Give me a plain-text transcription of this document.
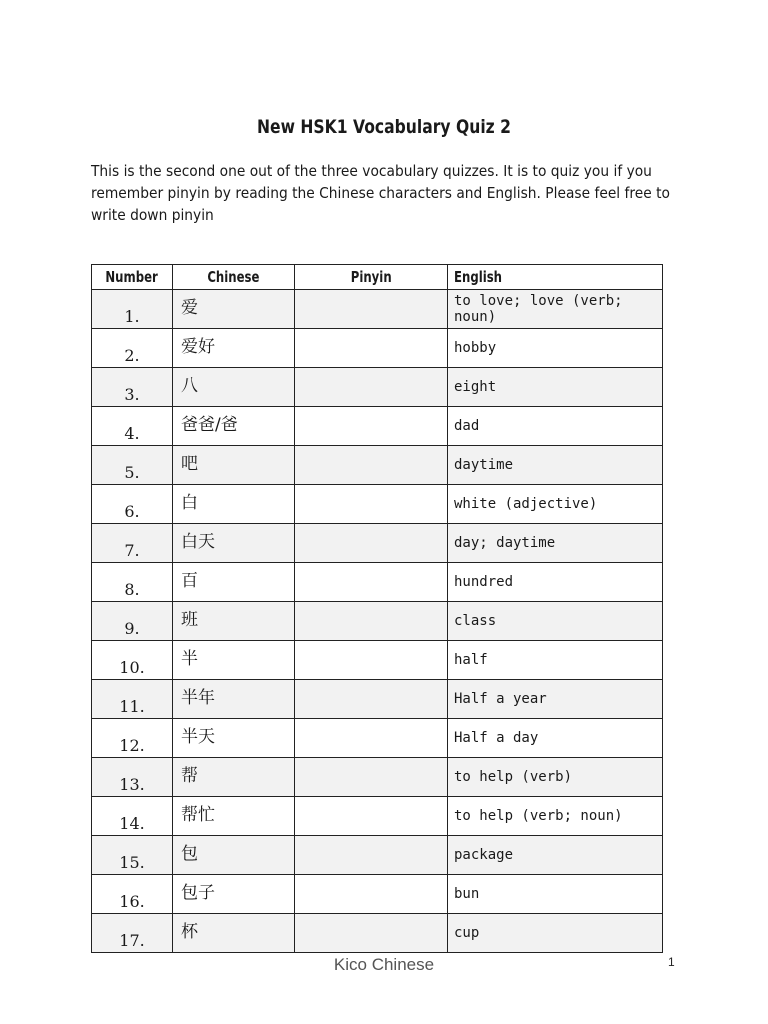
New HSK1 Vocabulary Quiz 2
This is the second one out of the three vocabulary quizzes. It is to quiz you if you remember pinyin by reading the Chinese characters and English. Please feel free to write down pinyin
Number	Chinese	Pinyin	English
1.	爱		to love; love (verb; noun)
2.	爱好		hobby
3.	八		eight
4.	爸爸/爸		dad
5.	吧		daytime
6.	白		white (adjective)
7.	白天		day; daytime
8.	百		hundred
9.	班		class
10.	半		half
11.	半年		Half a year
12.	半天		Half a day
13.	帮		to help (verb)
14.	帮忙		to help (verb; noun)
15.	包		package
16.	包子		bun
17.	杯		cup
Kico Chinese	1
